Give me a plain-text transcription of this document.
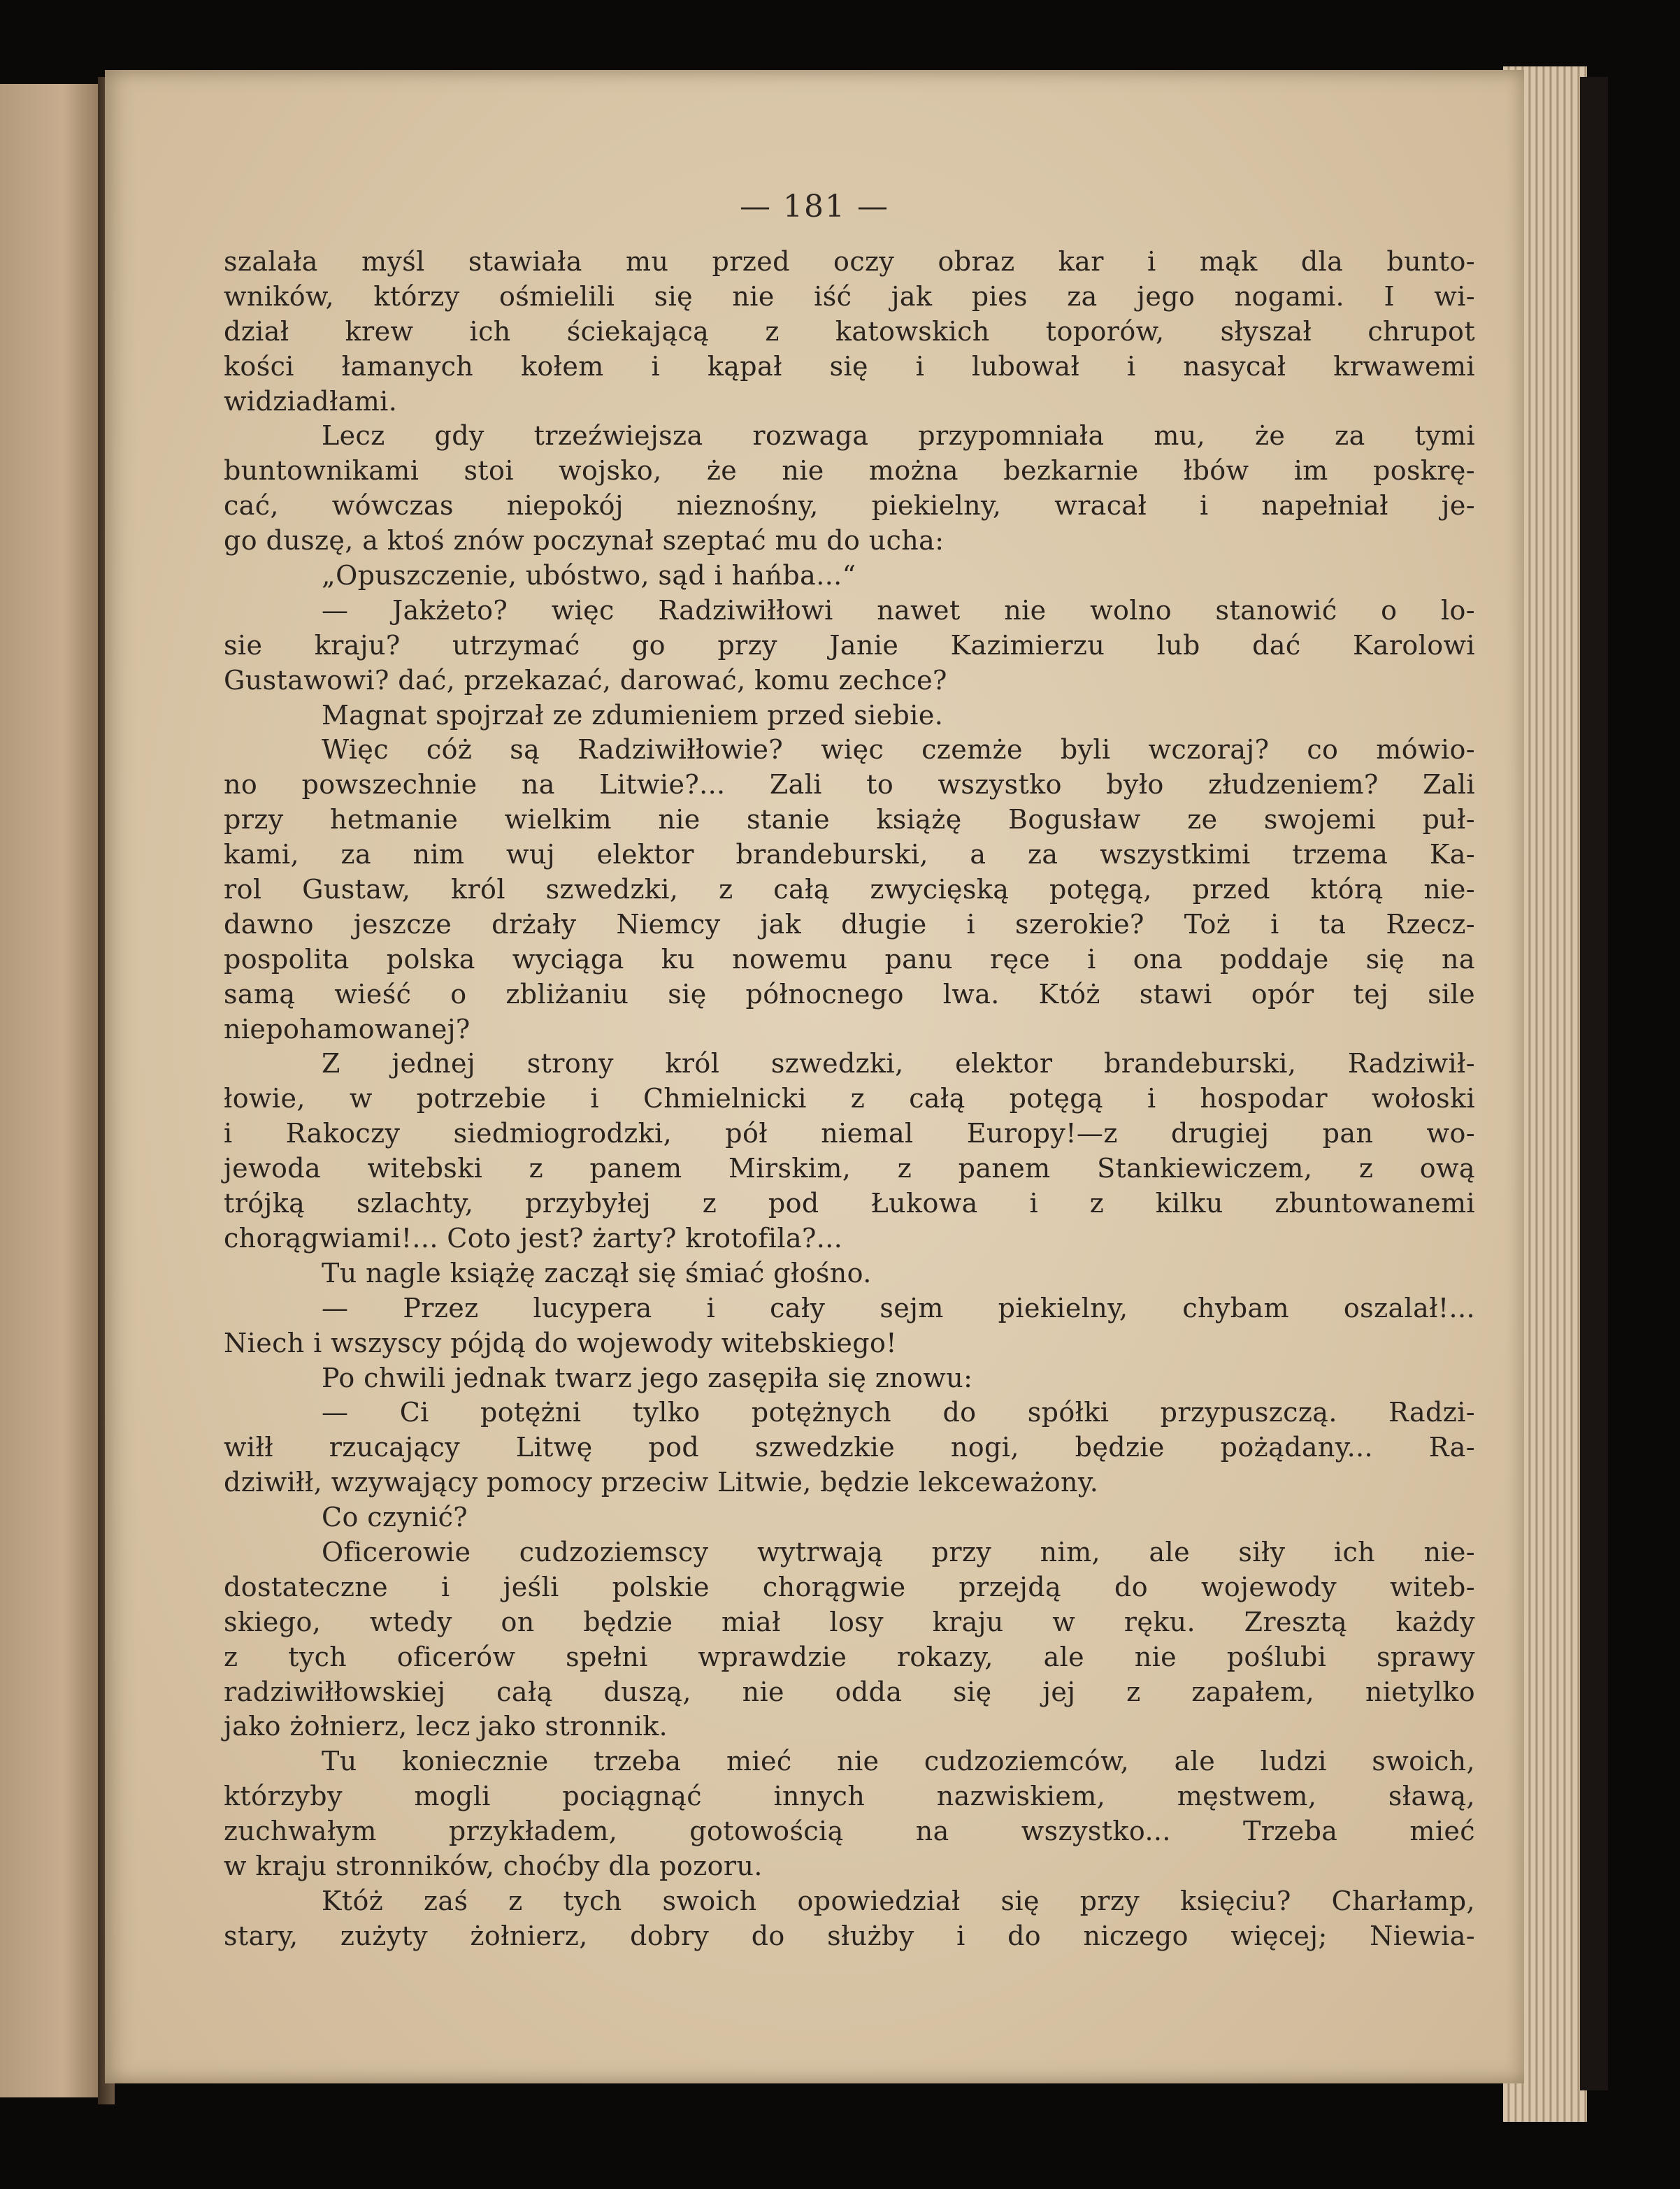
— 181 —
szalała myśl stawiała mu przed oczy obraz kar i mąk dla bunto-
wników, którzy ośmielili się nie iść jak pies za jego nogami. I wi-
dział krew ich ściekającą z katowskich toporów, słyszał chrupot
kości łamanych kołem i kąpał się i lubował i nasycał krwawemi
widziadłami.
Lecz gdy trzeźwiejsza rozwaga przypomniała mu, że za tymi
buntownikami stoi wojsko, że nie można bezkarnie łbów im poskrę-
cać, wówczas niepokój nieznośny, piekielny, wracał i napełniał je-
go duszę, a ktoś znów poczynał szeptać mu do ucha:
„Opuszczenie, ubóstwo, sąd i hańba...“
— Jakżeto? więc Radziwiłłowi nawet nie wolno stanowić o lo-
sie kraju? utrzymać go przy Janie Kazimierzu lub dać Karolowi
Gustawowi? dać, przekazać, darować, komu zechce?
Magnat spojrzał ze zdumieniem przed siebie.
Więc cóż są Radziwiłłowie? więc czemże byli wczoraj? co mówio-
no powszechnie na Litwie?... Zali to wszystko było złudzeniem? Zali
przy hetmanie wielkim nie stanie książę Bogusław ze swojemi puł-
kami, za nim wuj elektor brandeburski, a za wszystkimi trzema Ka-
rol Gustaw, król szwedzki, z całą zwycięską potęgą, przed którą nie-
dawno jeszcze drżały Niemcy jak długie i szerokie? Toż i ta Rzecz-
pospolita polska wyciąga ku nowemu panu ręce i ona poddaje się na
samą wieść o zbliżaniu się północnego lwa. Któż stawi opór tej sile
niepohamowanej?
Z jednej strony król szwedzki, elektor brandeburski, Radziwił-
łowie, w potrzebie i Chmielnicki z całą potęgą i hospodar wołoski
i Rakoczy siedmiogrodzki, pół niemal Europy!—z drugiej pan wo-
jewoda witebski z panem Mirskim, z panem Stankiewiczem, z ową
trójką szlachty, przybyłej z pod Łukowa i z kilku zbuntowanemi
chorągwiami!... Coto jest? żarty? krotofila?...
Tu nagle książę zaczął się śmiać głośno.
— Przez lucypera i cały sejm piekielny, chybam oszalał!...
Niech i wszyscy pójdą do wojewody witebskiego!
Po chwili jednak twarz jego zasępiła się znowu:
— Ci potężni tylko potężnych do spółki przypuszczą. Radzi-
wiłł rzucający Litwę pod szwedzkie nogi, będzie pożądany... Ra-
dziwiłł, wzywający pomocy przeciw Litwie, będzie lekceważony.
Co czynić?
Oficerowie cudzoziemscy wytrwają przy nim, ale siły ich nie-
dostateczne i jeśli polskie chorągwie przejdą do wojewody witeb-
skiego, wtedy on będzie miał losy kraju w ręku. Zresztą każdy
z tych oficerów spełni wprawdzie rokazy, ale nie poślubi sprawy
radziwiłłowskiej całą duszą, nie odda się jej z zapałem, nietylko
jako żołnierz, lecz jako stronnik.
Tu koniecznie trzeba mieć nie cudzoziemców, ale ludzi swoich,
którzyby mogli pociągnąć innych nazwiskiem, męstwem, sławą,
zuchwałym przykładem, gotowością na wszystko... Trzeba mieć
w kraju stronników, choćby dla pozoru.
Któż zaś z tych swoich opowiedział się przy księciu? Charłamp,
stary, zużyty żołnierz, dobry do służby i do niczego więcej; Niewia-
